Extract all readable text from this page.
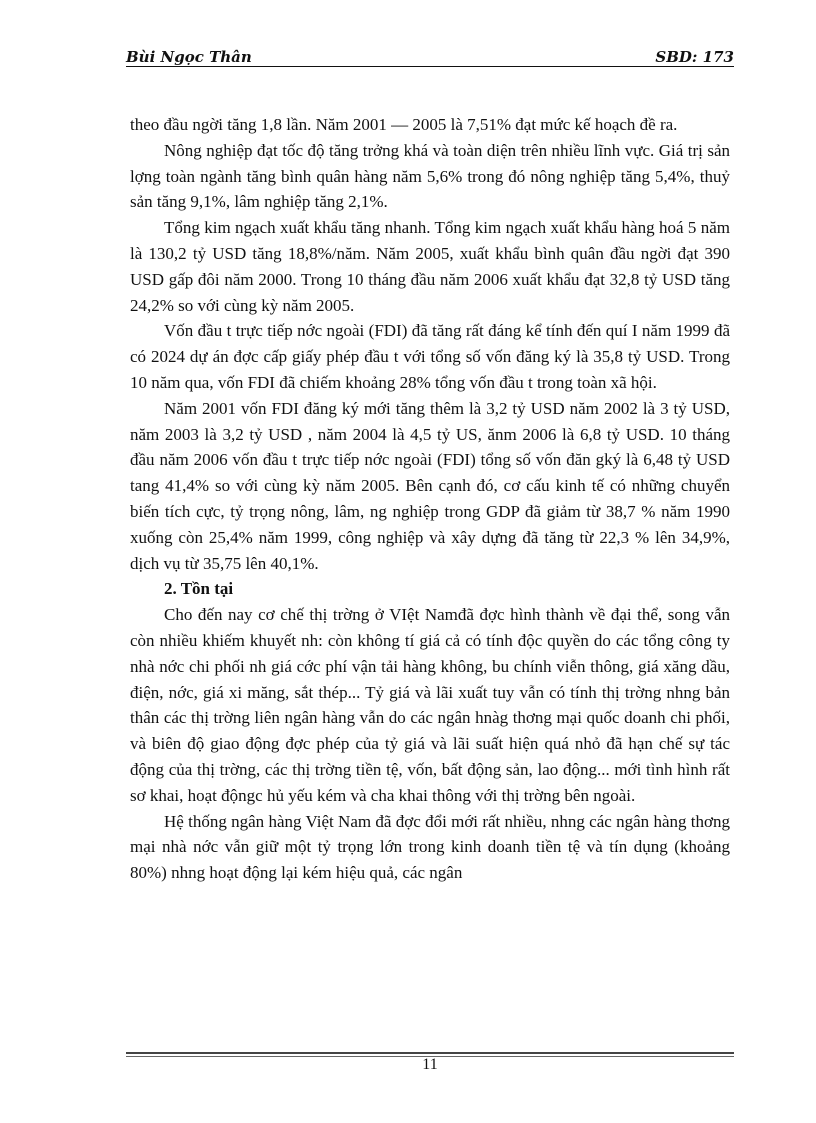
Bùi Ngọc Thân	SBD: 173

theo đầu ngời tăng 1,8 lần. Năm 2001 — 2005 là 7,51% đạt mức kế hoạch đề ra.

Nông nghiệp đạt tốc độ tăng trởng khá và toàn diện trên nhiều lĩnh vực. Giá trị sản lợng toàn ngành tăng bình quân hàng năm 5,6% trong đó nông nghiệp tăng 5,4%, thuỷ sản tăng 9,1%, lâm nghiệp tăng 2,1%.

Tổng kim ngạch xuất khẩu tăng nhanh. Tổng kim ngạch xuất khẩu hàng hoá 5 năm là 130,2 tỷ USD tăng 18,8%/năm. Năm 2005, xuất khẩu bình quân đầu ngời đạt 390 USD gấp đôi năm 2000. Trong 10 tháng đầu năm 2006 xuất khẩu đạt 32,8 tỷ USD tăng 24,2% so với cùng kỳ năm 2005.

Vốn đầu t trực tiếp nớc ngoài (FDI) đã tăng rất đáng kể tính đến quí I năm 1999 đã có 2024 dự án đợc cấp giấy phép đầu t với tổng số vốn đăng ký là 35,8 tỷ USD. Trong 10 năm qua, vốn FDI đã chiếm khoảng 28% tổng vốn đầu t trong toàn xã hội.

Năm 2001 vốn FDI đăng ký mới tăng thêm là 3,2 tỷ USD năm 2002 là 3 tỷ USD, năm 2003 là 3,2 tỷ USD , năm 2004 là 4,5 tỷ US, ănm 2006 là 6,8 tỷ USD. 10 tháng đầu năm 2006 vốn đầu t trực tiếp nớc ngoài (FDI) tổng số vốn đăn gký là 6,48 tỷ USD tang 41,4% so với cùng kỳ năm 2005. Bên cạnh đó, cơ cấu kinh tế có những chuyển biến tích cực, tỷ trọng nông, lâm, ng nghiệp trong GDP đã giảm từ 38,7 % năm 1990 xuống còn 25,4% năm 1999, công nghiệp và xây dựng đã tăng từ 22,3 % lên 34,9%, dịch vụ từ 35,75 lên 40,1%.

2. Tồn tại

Cho đến nay cơ chế thị trờng ở VIệt Namđã đợc hình thành về đại thể, song vẫn còn nhiều khiếm khuyết nh: còn không tí giá cả có tính độc quyền do các tổng công ty nhà nớc chi phối nh giá cớc phí vận tải hàng không, bu chính viễn thông, giá xăng dầu, điện, nớc, giá xi măng, sắt thép... Tỷ giá và lãi xuất tuy vẫn có tính thị trờng nhng bản thân các thị trờng liên ngân hàng vẫn do các ngân hnàg thơng mại quốc doanh chi phối, và biên độ giao động đợc phép của tỷ giá và lãi suất hiện quá nhỏ đã hạn chế sự tác động của thị trờng, các thị trờng tiền tệ, vốn, bất động sản, lao động... mới tình hình rất sơ khai, hoạt độngc hủ yếu kém và cha khai thông với thị trờng bên ngoài.

Hệ thống ngân hàng Việt Nam đã đợc đổi mới rất nhiều, nhng các ngân hàng thơng mại nhà nớc vẫn giữ một tỷ trọng lớn trong kinh doanh tiền tệ và tín dụng (khoảng 80%) nhng hoạt động lại kém hiệu quả, các ngân

11
